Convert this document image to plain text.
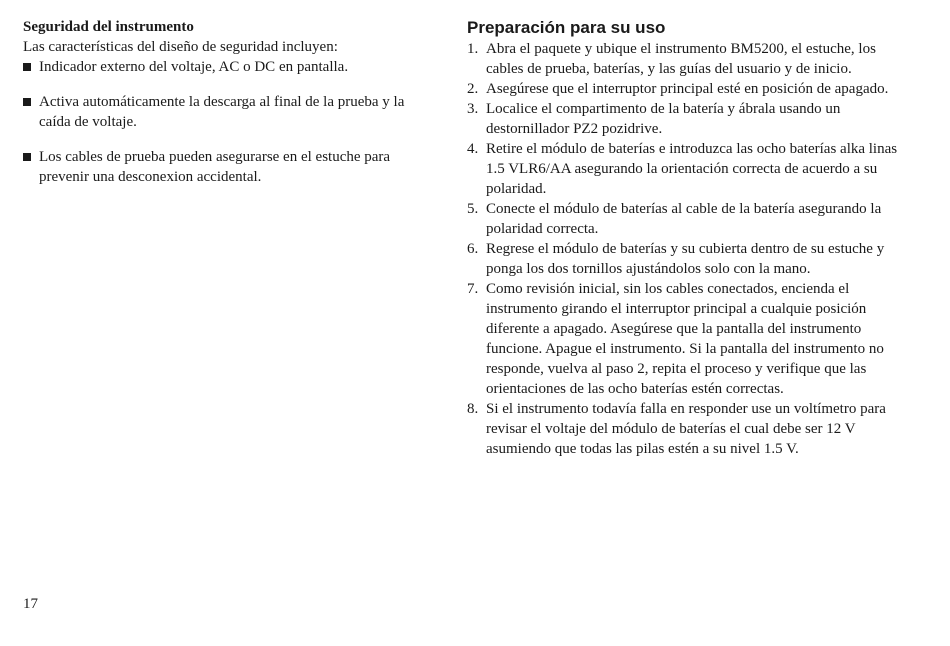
Seguridad del instrumento

Las características del diseño de seguridad incluyen:

Indicador externo del voltaje, AC o DC en pantalla.
Activa automáticamente la descarga al final de la prueba y la caída de voltaje.
Los cables de prueba pueden asegurarse en el estuche para prevenir una desconexion accidental.
Preparación para su uso
1. Abra el paquete y ubique el instrumento BM5200, el estuche, los cables de prueba, baterías, y las guías del usuario y de inicio.
2. Asegúrese que el interruptor principal esté en posición de apagado.
3. Localice el compartimento de la batería y ábrala usando un destornillador PZ2 pozidrive.
4. Retire el módulo de baterías e introduzca las ocho baterías alka linas 1.5 VLR6/AA asegurando la orientación correcta de acuerdo a su polaridad.
5. Conecte el módulo de baterías al cable de la batería asegurando la polaridad correcta.
6. Regrese el módulo de baterías y su cubierta dentro de su estuche y ponga los dos tornillos ajustándolos solo con la mano.
7. Como revisión inicial, sin los cables conectados, encienda el instrumento girando el interruptor principal a cualquie posición diferente a apagado. Asegúrese que la pantalla del instrumento funcione. Apague el instrumento. Si la pantalla del instrumento no responde, vuelva al paso 2, repita el proceso y verifique que las orientaciones de las ocho baterías estén correctas.
8. Si el instrumento todavía falla en responder use un voltímetro para revisar el voltaje del módulo de baterías el cual debe ser 12 V asumiendo que todas las pilas estén a su nivel 1.5 V.
17
